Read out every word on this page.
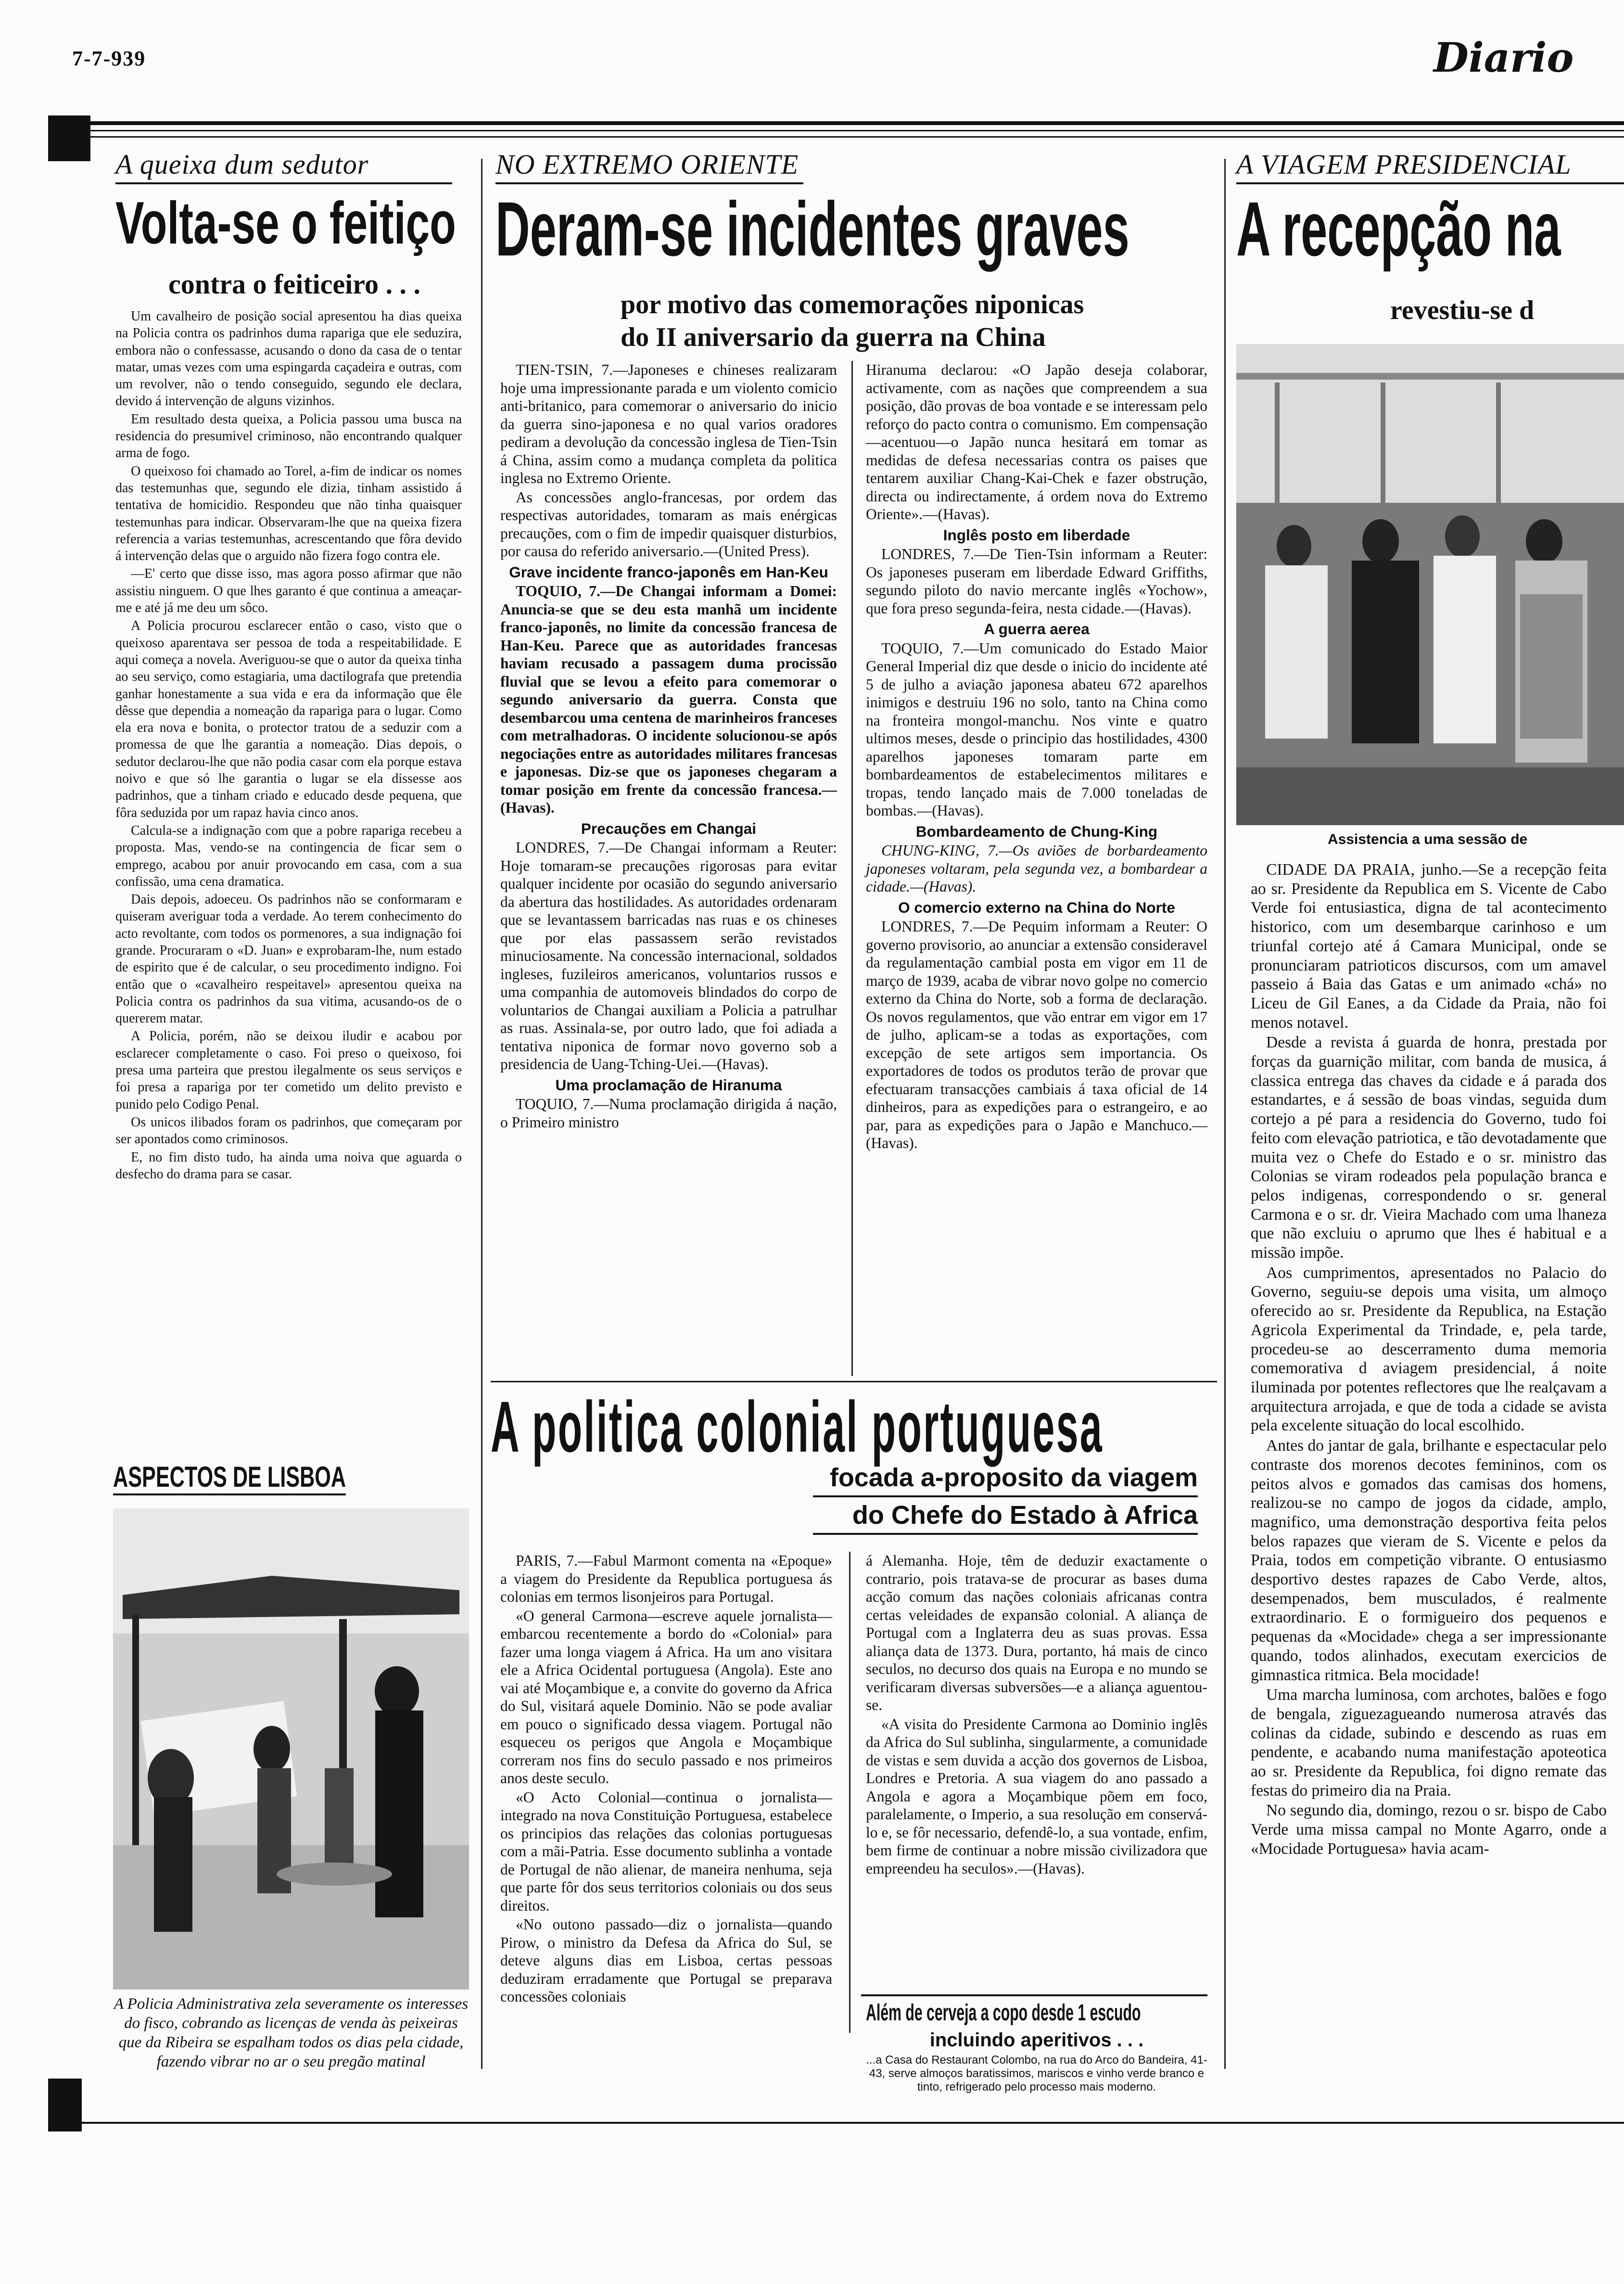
7-7-939	Diario
A queixa dum sedutor
Volta-se o feitiço
contra o feiticeiro . . .

Um cavalheiro de posição social apresentou ha dias queixa na Policia contra os padrinhos duma rapariga que ele seduzira, embora não o confessasse, acusando o dono da casa de o tentar matar, umas vezes com uma espingarda caçadeira e outras, com um revolver, não o tendo conseguido, segundo ele declara, devido á intervenção de alguns vizinhos.

Em resultado desta queixa, a Policia passou uma busca na residencia do presumivel criminoso, não encontrando qualquer arma de fogo.

O queixoso foi chamado ao Torel, a-fim de indicar os nomes das testemunhas que, segundo ele dizia, tinham assistido á tentativa de homicidio. Respondeu que não tinha quaisquer testemunhas para indicar. Observaram-lhe que na queixa fizera referencia a varias testemunhas, acrescentando que fôra devido á intervenção delas que o arguido não fizera fogo contra ele.

—E' certo que disse isso, mas agora posso afirmar que não assistiu ninguem. O que lhes garanto é que continua a ameaçar-me e até já me deu um sôco.

A Policia procurou esclarecer então o caso, visto que o queixoso aparentava ser pessoa de toda a respeitabilidade. E aqui começa a novela. Averiguou-se que o autor da queixa tinha ao seu serviço, como estagiaria, uma dactilografa que pretendia ganhar honestamente a sua vida e era da informação que êle dêsse que dependia a nomeação da rapariga para o lugar. Como ela era nova e bonita, o protector tratou de a seduzir com a promessa de que lhe garantia a nomeação. Dias depois, o sedutor declarou-lhe que não podia casar com ela porque estava noivo e que só lhe garantia o lugar se ela dissesse aos padrinhos, que a tinham criado e educado desde pequena, que fôra seduzida por um rapaz havia cinco anos.

Calcula-se a indignação com que a pobre rapariga recebeu a proposta. Mas, vendo-se na contingencia de ficar sem o emprego, acabou por anuir provocando em casa, com a sua confissão, uma cena dramatica.

Dais depois, adoeceu. Os padrinhos não se conformaram e quiseram averiguar toda a verdade. Ao terem conhecimento do acto revoltante, com todos os pormenores, a sua indignação foi grande. Procuraram o «D. Juan» e exprobaram-lhe, num estado de espirito que é de calcular, o seu procedimento indigno. Foi então que o «cavalheiro respeitavel» apresentou queixa na Policia contra os padrinhos da sua vitima, acusando-os de o quererem matar.

A Policia, porém, não se deixou iludir e acabou por esclarecer completamente o caso. Foi preso o queixoso, foi presa uma parteira que prestou ilegalmente os seus serviços e foi presa a rapariga por ter cometido um delito previsto e punido pelo Codigo Penal.

Os unicos ilibados foram os padrinhos, que começaram por ser apontados como criminosos.

E, no fim disto tudo, ha ainda uma noiva que aguarda o desfecho do drama para se casar.

ASPECTOS DE LISBOA
A Policia Administrativa zela severamente os interesses do fisco, cobrando as licenças de venda às peixeiras que da Ribeira se espalham todos os dias pela cidade, fazendo vibrar no ar o seu pregão matinal
NO EXTREMO ORIENTE
Deram-se incidentes graves
por motivo das comemorações niponicas
do II aniversario da guerra na China

TIEN-TSIN, 7.—Japoneses e chineses realizaram hoje uma impressionante parada e um violento comicio anti-britanico, para comemorar o aniversario do inicio da guerra sino-japonesa e no qual varios oradores pediram a devolução da concessão inglesa de Tien-Tsin á China, assim como a mudança completa da politica inglesa no Extremo Oriente.

As concessões anglo-francesas, por ordem das respectivas autoridades, tomaram as mais enérgicas precauções, com o fim de impedir quaisquer disturbios, por causa do referido aniversario.—(United Press).

Grave incidente franco-japonês em Han-Keu

TOQUIO, 7.—De Changai informam a Domei: Anuncia-se que se deu esta manhã um incidente franco-japonês, no limite da concessão francesa de Han-Keu. Parece que as autoridades francesas haviam recusado a passagem duma procissão fluvial que se levou a efeito para comemorar o segundo aniversario da guerra. Consta que desembarcou uma centena de marinheiros franceses com metralhadoras. O incidente solucionou-se após negociações entre as autoridades militares francesas e japonesas. Diz-se que os japoneses chegaram a tomar posição em frente da concessão francesa.—(Havas).

Precauções em Changai

LONDRES, 7.—De Changai informam a Reuter: Hoje tomaram-se precauções rigorosas para evitar qualquer incidente por ocasião do segundo aniversario da abertura das hostilidades. As autoridades ordenaram que se levantassem barricadas nas ruas e os chineses que por elas passassem serão revistados minuciosamente. Na concessão internacional, soldados ingleses, fuzileiros americanos, voluntarios russos e uma companhia de automoveis blindados do corpo de voluntarios de Changai auxiliam a Policia a patrulhar as ruas. Assinala-se, por outro lado, que foi adiada a tentativa niponica de formar novo governo sob a presidencia de Uang-Tching-Uei.—(Havas).

Uma proclamação de Hiranuma

TOQUIO, 7.—Numa proclamação dirigida á nação, o Primeiro ministro

Hiranuma declarou: «O Japão deseja colaborar, activamente, com as nações que compreendem a sua posição, dão provas de boa vontade e se interessam pelo reforço do pacto contra o comunismo. Em compensação—acentuou—o Japão nunca hesitará em tomar as medidas de defesa necessarias contra os paises que tentarem auxiliar Chang-Kai-Chek e fazer obstrução, directa ou indirectamente, á ordem nova do Extremo Oriente».—(Havas).

Inglês posto em liberdade

LONDRES, 7.—De Tien-Tsin informam a Reuter: Os japoneses puseram em liberdade Edward Griffiths, segundo piloto do navio mercante inglês «Yochow», que fora preso segunda-feira, nesta cidade.—(Havas).

A guerra aerea

TOQUIO, 7.—Um comunicado do Estado Maior General Imperial diz que desde o inicio do incidente até 5 de julho a aviação japonesa abateu 672 aparelhos inimigos e destruiu 196 no solo, tanto na China como na fronteira mongol-manchu. Nos vinte e quatro ultimos meses, desde o principio das hostilidades, 4300 aparelhos japoneses tomaram parte em bombardeamentos de estabelecimentos militares e tropas, tendo lançado mais de 7.000 toneladas de bombas.—(Havas).

Bombardeamento de Chung-King

CHUNG-KING, 7.—Os aviões de borbardeamento japoneses voltaram, pela segunda vez, a bombardear a cidade.—(Havas).

O comercio externo na China do Norte

LONDRES, 7.—De Pequim informam a Reuter: O governo provisorio, ao anunciar a extensão consideravel da regulamentação cambial posta em vigor em 11 de março de 1939, acaba de vibrar novo golpe no comercio externo da China do Norte, sob a forma de declaração. Os novos regulamentos, que vão entrar em vigor em 17 de julho, aplicam-se a todas as exportações, com excepção de sete artigos sem importancia. Os exportadores de todos os produtos terão de provar que efectuaram transacções cambiais á taxa oficial de 14 dinheiros, para as expedições para o estrangeiro, e ao par, para as expedições para o Japão e Manchuco.—(Havas).

A politica colonial portuguesa
focada a-proposito da viagem
do Chefe do Estado à Africa

PARIS, 7.—Fabul Marmont comenta na «Epoque» a viagem do Presidente da Republica portuguesa ás colonias em termos lisonjeiros para Portugal.

«O general Carmona—escreve aquele jornalista—embarcou recentemente a bordo do «Colonial» para fazer uma longa viagem á Africa. Ha um ano visitara ele a Africa Ocidental portuguesa (Angola). Este ano vai até Moçambique e, a convite do governo da Africa do Sul, visitará aquele Dominio. Não se pode avaliar em pouco o significado dessa viagem. Portugal não esqueceu os perigos que Angola e Moçambique correram nos fins do seculo passado e nos primeiros anos deste seculo.

«O Acto Colonial—continua o jornalista—integrado na nova Constituição Portuguesa, estabelece os principios das relações das colonias portuguesas com a mãi-Patria. Esse documento sublinha a vontade de Portugal de não alienar, de maneira nenhuma, seja que parte fôr dos seus territorios coloniais ou dos seus direitos.

«No outono passado—diz o jornalista—quando Pirow, o ministro da Defesa da Africa do Sul, se deteve alguns dias em Lisboa, certas pessoas deduziram erradamente que Portugal se preparava concessões coloniais

á Alemanha. Hoje, têm de deduzir exactamente o contrario, pois tratava-se de procurar as bases duma acção comum das nações coloniais africanas contra certas veleidades de expansão colonial. A aliança de Portugal com a Inglaterra deu as suas provas. Essa aliança data de 1373. Dura, portanto, há mais de cinco seculos, no decurso dos quais na Europa e no mundo se verificaram diversas subversões—e a aliança aguentou-se.

«A visita do Presidente Carmona ao Dominio inglês da Africa do Sul sublinha, singularmente, a comunidade de vistas e sem duvida a acção dos governos de Lisboa, Londres e Pretoria. A sua viagem do ano passado a Angola e agora a Moçambique põem em foco, paralelamente, o Imperio, a sua resolução em conservá-lo e, se fôr necessario, defendê-lo, a sua vontade, enfim, bem firme de continuar a nobre missão civilizadora que empreendeu ha seculos».—(Havas).

Além de cerveja a copo desde 1 escudo
incluindo aperitivos . . .
...a Casa do Restaurant Colombo, na rua do Arco do Bandeira, 41-43, serve almoços baratissimos, mariscos e vinho verde branco e tinto, refrigerado pelo processo mais moderno.
A VIAGEM PRESIDENCIAL
A recepção na
revestiu-se d
Assistencia a uma sessão de

CIDADE DA PRAIA, junho.—Se a recepção feita ao sr. Presidente da Republica em S. Vicente de Cabo Verde foi entusiastica, digna de tal acontecimento historico, com um desembarque carinhoso e um triunfal cortejo até á Camara Municipal, onde se pronunciaram patrioticos discursos, com um amavel passeio á Baia das Gatas e um animado «chá» no Liceu de Gil Eanes, a da Cidade da Praia, não foi menos notavel.

Desde a revista á guarda de honra, prestada por forças da guarnição militar, com banda de musica, á classica entrega das chaves da cidade e á parada dos estandartes, e á sessão de boas vindas, seguida dum cortejo a pé para a residencia do Governo, tudo foi feito com elevação patriotica, e tão devotadamente que muita vez o Chefe do Estado e o sr. ministro das Colonias se viram rodeados pela população branca e pelos indigenas, correspondendo o sr. general Carmona e o sr. dr. Vieira Machado com uma lhaneza que não excluiu o aprumo que lhes é habitual e a missão impõe.

Aos cumprimentos, apresentados no Palacio do Governo, seguiu-se depois uma visita, um almoço oferecido ao sr. Presidente da Republica, na Estação Agricola Experimental da Trindade, e, pela tarde, procedeu-se ao descerramento duma memoria comemorativa d aviagem presidencial, á noite iluminada por potentes reflectores que lhe realçavam a arquitectura arrojada, e que de toda a cidade se avista pela excelente situação do local escolhido.

Antes do jantar de gala, brilhante e espectacular pelo contraste dos morenos decotes femininos, com os peitos alvos e gomados das camisas dos homens, realizou-se no campo de jogos da cidade, amplo, magnifico, uma demonstração desportiva feita pelos belos rapazes que vieram de S. Vicente e pelos da Praia, todos em competição vibrante. O entusiasmo desportivo destes rapazes de Cabo Verde, altos, desempenados, bem musculados, é realmente extraordinario. E o formigueiro dos pequenos e pequenas da «Mocidade» chega a ser impressionante quando, todos alinhados, executam exercicios de gimnastica ritmica. Bela mocidade!

Uma marcha luminosa, com archotes, balões e fogo de bengala, ziguezagueando numerosa através das colinas da cidade, subindo e descendo as ruas em pendente, e acabando numa manifestação apoteotica ao sr. Presidente da Republica, foi digno remate das festas do primeiro dia na Praia.

No segundo dia, domingo, rezou o sr. bispo de Cabo Verde uma missa campal no Monte Agarro, onde a «Mocidade Portuguesa» havia acam-
